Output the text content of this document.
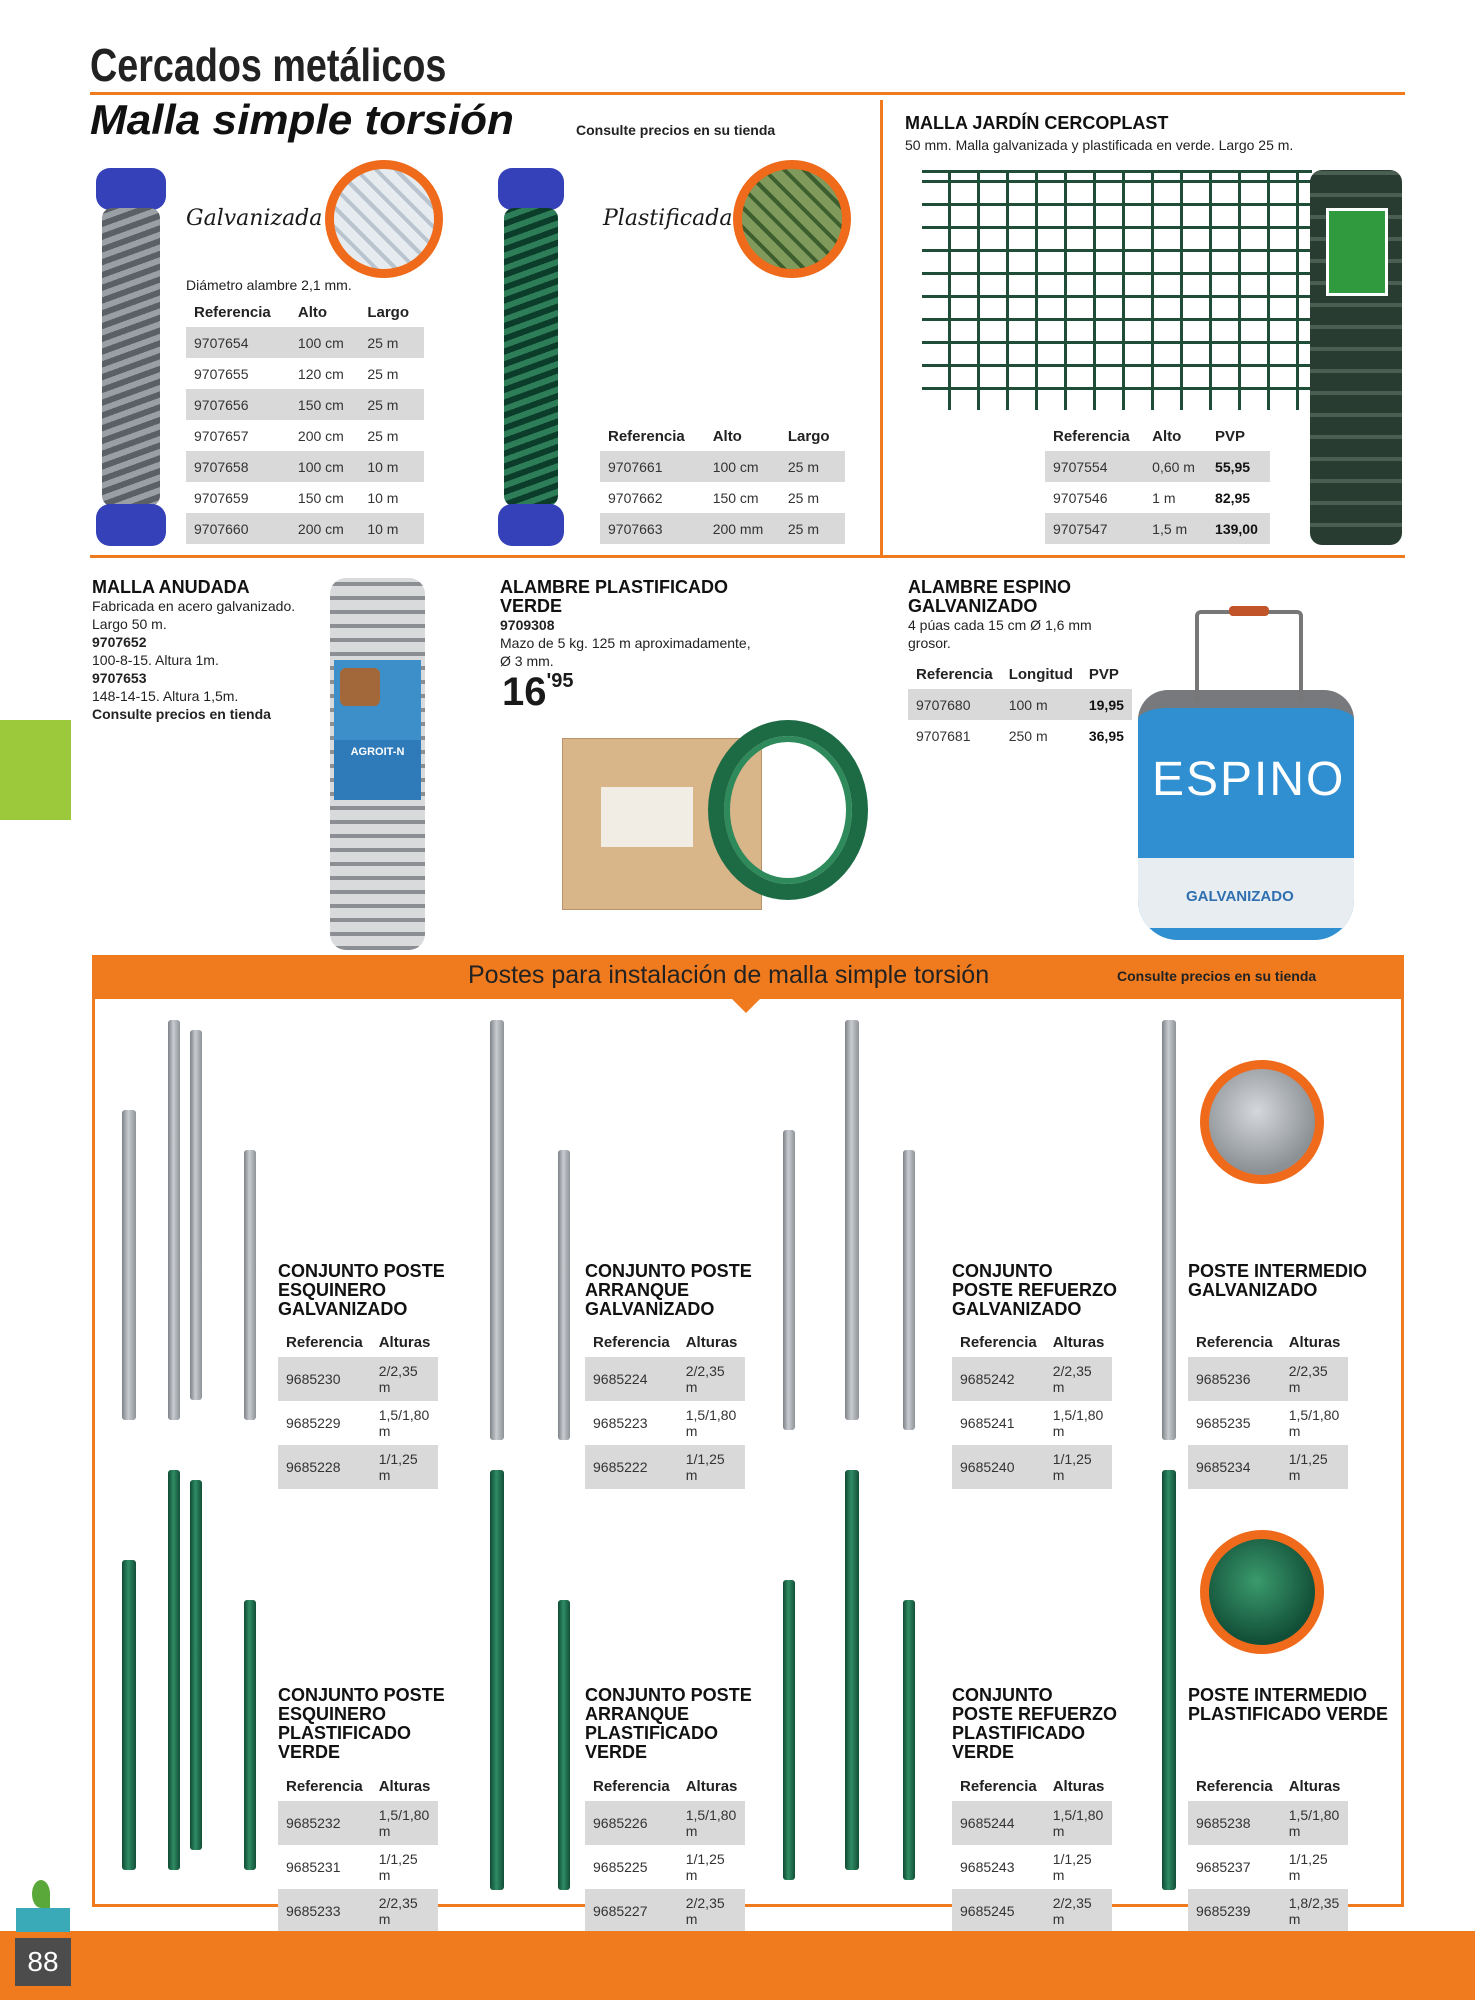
Cercados metálicos
Malla simple torsión	Consulte precios en su tienda
Galvanizada
Diámetro alambre 2,1 mm.
Referencia	Alto	Largo
9707654	100 cm	25 m
9707655	120 cm	25 m
9707656	150 cm	25 m
9707657	200 cm	25 m
9707658	100 cm	10 m
9707659	150 cm	10 m
9707660	200 cm	10 m
Plastificada
Referencia	Alto	Largo
9707661	100 cm	25 m
9707662	150 cm	25 m
9707663	200 mm	25 m
MALLA JARDÍN CERCOPLAST
50 mm. Malla galvanizada y plastificada en verde. Largo 25 m.
Referencia	Alto	PVP
9707554	0,60 m	55,95
9707546	1 m	82,95
9707547	1,5 m	139,00
MALLA ANUDADA
Fabricada en acero galvanizado.
Largo 50 m.
9707652
100-8-15. Altura 1m.
9707653
148-14-15. Altura 1,5m.
Consulte precios en tienda
AGROIT-N
ALAMBRE PLASTIFICADO
VERDE
9709308
Mazo de 5 kg. 125 m aproximadamente,
Ø 3 mm.
16'95
ALAMBRE ESPINO
GALVANIZADO
4 púas cada 15 cm Ø 1,6 mm
grosor.
Referencia	Longitud	PVP
9707680	100 m	19,95
9707681	250 m	36,95
ESPINO
GALVANIZADO
Postes para instalación de malla simple torsión	Consulte precios en su tienda
CONJUNTO POSTE
ESQUINERO
GALVANIZADO
Referencia	Alturas
9685230	2/2,35 m
9685229	1,5/1,80 m
9685228	1/1,25 m
CONJUNTO POSTE
ARRANQUE
GALVANIZADO
Referencia	Alturas
9685224	2/2,35 m
9685223	1,5/1,80 m
9685222	1/1,25 m
CONJUNTO
POSTE REFUERZO
GALVANIZADO
Referencia	Alturas
9685242	2/2,35 m
9685241	1,5/1,80 m
9685240	1/1,25 m
POSTE INTERMEDIO
GALVANIZADO
Referencia	Alturas
9685236	2/2,35 m
9685235	1,5/1,80 m
9685234	1/1,25 m
CONJUNTO POSTE
ESQUINERO
PLASTIFICADO
VERDE
Referencia	Alturas
9685232	1,5/1,80 m
9685231	1/1,25 m
9685233	2/2,35 m
CONJUNTO POSTE
ARRANQUE
PLASTIFICADO
VERDE
Referencia	Alturas
9685226	1,5/1,80 m
9685225	1/1,25 m
9685227	2/2,35 m
CONJUNTO
POSTE REFUERZO
PLASTIFICADO
VERDE
Referencia	Alturas
9685244	1,5/1,80 m
9685243	1/1,25 m
9685245	2/2,35 m
POSTE INTERMEDIO
PLASTIFICADO VERDE
Referencia	Alturas
9685238	1,5/1,80 m
9685237	1/1,25 m
9685239	1,8/2,35 m
88
